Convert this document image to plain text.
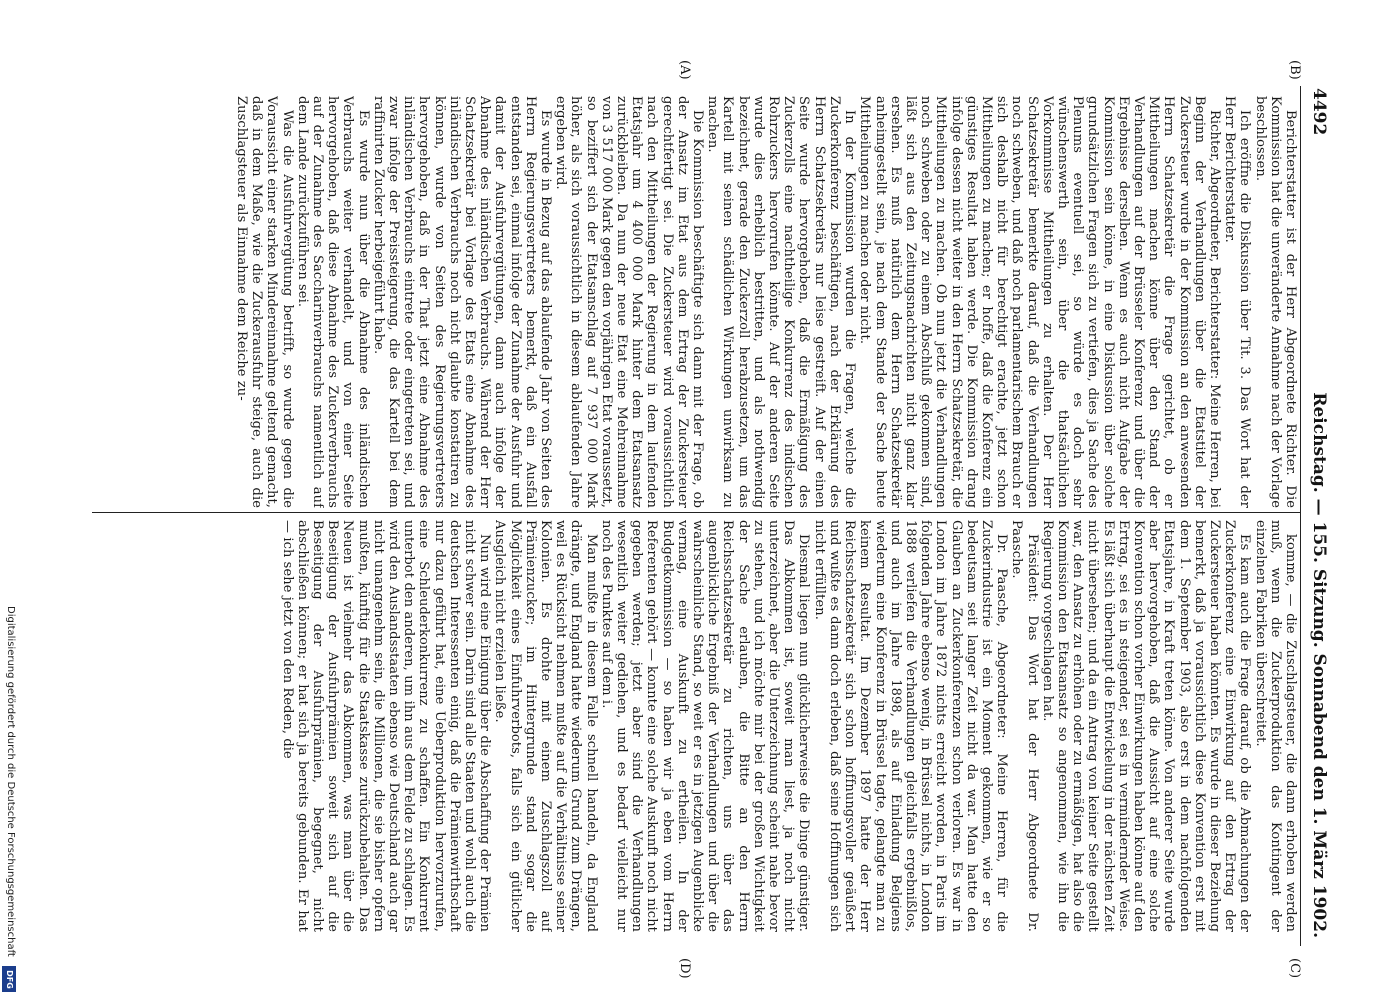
4492
Reichstag. — 155. Sitzung. Sonnabend den 1. März 1902.
(A)
(C)
(D)
(B)

Berichterstatter ist der Herr Abgeordnete Richter. Die Kommission hat die unveränderte Annahme nach der Vorlage beschlossen.

Ich eröffne die Diskussion über Tit. 3. Das Wort hat der Herr Berichterstatter.

Richter, Abgeordneter, Berichterstatter: Meine Herren, bei Beginn der Verhandlungen über die Etatstitel der Zuckersteuer wurde in der Kommission an den anwesenden Herrn Schatzsekretär die Frage gerichtet, ob er Mittheilungen machen könne über den Stand der Verhandlungen auf der Brüsseler Konferenz und über die Ergebnisse derselben. Wenn es auch nicht Aufgabe der Kommission sein könne, in eine Diskussion über solche grundsätzlichen Fragen sich zu vertiefen, dies ja Sache des Plenums eventuell sei, so würde es doch sehr wünschenswerth sein, über die thatsächlichen Vorkommnisse Mittheilungen zu erhalten. Der Herr Schatzsekretär bemerkte darauf, daß die Verhandlungen noch schweben, und daß noch parlamentarischem Brauch er sich deshalb nicht für berechtigt erachte, jetzt schon Mittheilungen zu machen; er hoffe, daß die Konferenz ein günstiges Resultat haben werde. Die Kommission drang infolge dessen nicht weiter in den Herrn Schatzsekretär, die Mittheilungen zu machen. Ob nun jetzt die Verhandlungen noch schweben oder zu einem Abschluß gekommen sind, läßt sich aus den Zeitungsnachrichten nicht ganz klar ersehen. Es muß natürlich dem Herrn Schatzsekretär anheimgestellt sein, je nach dem Stande der Sache heute Mittheilungen zu machen oder nicht.

In der Kommission wurden die Fragen, welche die Zuckerkonferenz beschäftigen, nach der Erklärung des Herrn Schatzsekretärs nur leise gestreift. Auf der einen Seite wurde hervorgehoben, daß die Ermäßigung des Zuckerzolls eine nachtheilige Konkurrenz des indischen Rohrzuckers hervorrufen könnte. Auf der anderen Seite wurde dies erheblich bestritten, und als nothwendig bezeichnet, gerade den Zuckerzoll herabzusetzen, um das Kartell mit seinen schädlichen Wirkungen unwirksam zu machen.

Die Kommission beschäftigte sich dann mit der Frage, ob der Ansatz im Etat aus dem Ertrag der Zuckersteuer gerechtfertigt sei. Die Zuckersteuer wird voraussichtlich nach den Mittheilungen der Regierung in dem laufenden Etatsjahr um 4 400 000 Mark hinter dem Etatsansatz zurückbleiben. Da nun der neue Etat eine Mehreinnahme von 3 517 000 Mark gegen den vorjährigen Etat voraussetzt, so beziffert sich der Etatsanschlag auf 7 937 000 Mark höher, als sich voraussichtlich in diesem ablaufenden Jahre ergeben wird.

Es wurde in Bezug auf das ablaufende Jahr von Seiten des Herrn Regierungsvertreters bemerkt, daß ein Ausfall entstanden sei, einmal infolge der Zunahme der Ausfuhr und damit der Ausfuhrvergütungen, dann auch infolge der Abnahme des inländischen Verbrauchs. Während der Herr Schatzsekretär bei Vorlage des Etats eine Abnahme des inländischen Verbrauchs noch nicht glaubte konstatiren zu können, wurde von Seiten des Regierungsvertreters hervorgehoben, daß in der That jetzt eine Abnahme des inländischen Verbrauchs eintrete oder eingetreten sei, und zwar infolge der Preissteigerung, die das Kartell bei dem raffinirten Zucker herbeigeführt habe.

Es wurde nun über die Abnahme des inländischen Verbrauchs weiter verhandelt, und von einer Seite hervorgehoben, daß diese Abnahme des Zuckerverbrauchs auf der Zunahme des Saccharinverbrauchs namentlich auf dem Lande zurückzuführen sei.

Was die Ausfuhrvergütung betrifft, so wurde gegen die Voraussicht einer starken Mindereinnahme geltend gemacht, daß in dem Maße, wie die Zuckerausfuhr steige, auch die Zuschlagsteuer als Einnahme dem Reiche zu-

komme, — die Zuschlagsteuer, die dann erhoben werden muß, wenn die Zuckerproduktion das Kontingent der einzelnen Fabriken überschreitet.

Es kam auch die Frage darauf, ob die Abmachungen der Zuckerkonferenz eine Einwirkung auf den Ertrag der Zuckersteuer haben könnten. Es wurde in dieser Beziehung bemerkt, daß ja voraussichtlich diese Konvention erst mit dem 1. September 1903, also erst in dem nachfolgenden Etatsjahre, in Kraft treten könne. Von anderer Seite wurde aber hervorgehoben, daß die Aussicht auf eine solche Konvention schon vorher Einwirkungen haben könne auf den Ertrag, sei es in steigender, sei es in vermindernder Weise. Es läßt sich überhaupt die Entwickelung in der nächsten Zeit nicht übersehen; und da ein Antrag von keiner Seite gestellt war, den Ansatz zu erhöhen oder zu ermäßigen, hat also die Kommission den Etatsansatz so angenommen, wie ihn die Regierung vorgeschlagen hat.

Präsident: Das Wort hat der Herr Abgeordnete Dr. Paasche.

Dr. Paasche, Abgeordneter: Meine Herren, für die Zuckerindustrie ist ein Moment gekommen, wie er so bedeutsam seit langer Zeit nicht da war. Man hatte den Glauben an Zuckerkonferenzen schon verloren. Es war in London im Jahre 1872 nichts erreicht worden, in Paris im folgenden Jahre ebenso wenig, in Brüssel nichts, in London 1888 verliefen die Verhandlungen gleichfalls ergebnißlos, und auch im Jahre 1898, als auf Einladung Belgiens wiederum eine Konferenz in Brüssel tagte, gelangte man zu keinem Resultat. Im Dezember 1897 hatte der Herr Reichsschatzsekretär sich schon hoffnungsvoller geäußert und wußte es dann doch erleben, daß seine Hoffnungen sich nicht erfüllten.

Diesmal liegen nun glücklicherweise die Dinge günstiger. Das Abkommen ist, soweit man liest, ja noch nicht unterzeichnet, aber die Unterzeichnung scheint nahe bevor zu stehen, und ich möchte mir bei der großen Wichtigkeit der Sache erlauben, die Bitte an den Herrn Reichsschatzsekretär zu richten, uns über das augenblickliche Ergebniß der Verhandlungen und über die wahrscheinliche Stand, so weit er es in jetzigen Augenblicke vermag, eine Auskunft zu ertheilen. In der Budgetkommission — so haben wir ja eben vom Herrn Referenten gehört — konnte eine solche Auskunft noch nicht gegeben werden; jetzt aber sind die Verhandlungen wesentlich weiter gediehen, und es bedarf vielleicht nur noch des Punktes auf dem i.

Man mußte in diesem Falle schnell handeln, da England drängte, und England hatte wiederum Grund zum Drängen, weil es Rücksicht nehmen mußte auf die Verhältnisse seiner Kolonien. Es drohte mit einem Zuschlagszoll auf Prämienzucker; im Hintergrunde stand sogar die Möglichkeit eines Einfuhrverbots, falls sich ein gütlicher Ausgleich nicht erzielen ließe.

Nun wird eine Einigung über die Abschaffung der Prämien nicht schwer sein. Darin sind alle Staaten und wohl auch die deutschen Interessenten einig, daß die Prämienwirthschaft nur dazu geführt hat, eine Ueberproduktion hervorzurufen, eine Schleuderkonkurrenz zu schaffen. Ein Konkurrent unterbot den anderen, um ihn aus dem Felde zu schlagen. Es wird den Auslandsstaaten ebenso wie Deutschland auch gar nicht unangenehm sein, die Millionen, die sie bisher opfern mußten, künftig für die Staatskasse zurückzubehalten. Das Neuen ist vielmehr das Abkommen, was man über die Beseitigung der Ausfuhrprämien soweit sich auf die Beseitigung der Ausfuhrprämien, begegnet, nicht abschließen können; er hat sich ja bereits gebunden. Er hat — ich sehe jetzt von den Reden, die

Digitalisierung gefördert durch die Deutsche Forschungsgemeinschaft
DFG
